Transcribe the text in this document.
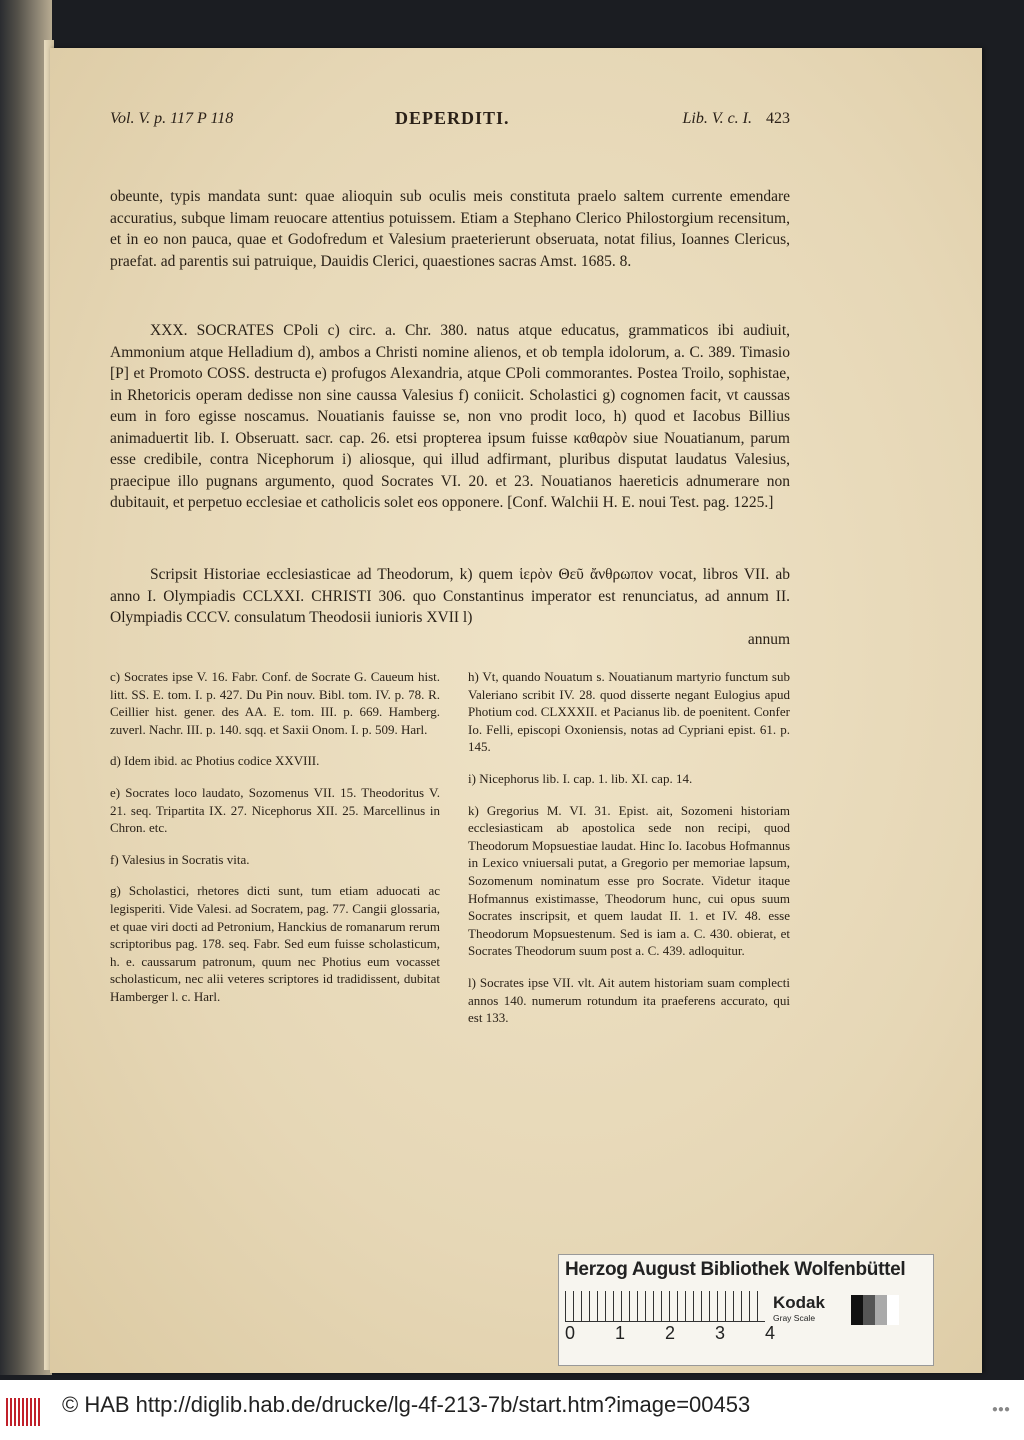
Vol. V. p. 117 P 118	DEPERDITI.	Lib. V. c. I. 423

obeunte, typis mandata sunt: quae alioquin sub oculis meis constituta praelo saltem currente emendare accuratius, subque limam reuocare attentius potuissem. Etiam a Stephano Clerico Philostorgium recensitum, et in eo non pauca, quae et Godofredum et Valesium praeterierunt obseruata, notat filius, Ioannes Clericus, praefat. ad parentis sui patruique, Dauidis Clerici, quaestiones sacras Amst. 1685. 8.

XXX. SOCRATES CPoli c) circ. a. Chr. 380. natus atque educatus, grammaticos ibi audiuit, Ammonium atque Helladium d), ambos a Christi nomine alienos, et ob templa idolorum, a. C. 389. Timasio [P] et Promoto COSS. destructa e) profugos Alexandria, atque CPoli commorantes. Postea Troilo, sophistae, in Rhetoricis operam dedisse non sine caussa Valesius f) coniicit. Scholastici g) cognomen facit, vt caussas eum in foro egisse noscamus. Nouatianis fauisse se, non vno prodit loco, h) quod et Iacobus Billius animaduertit lib. I. Obseruatt. sacr. cap. 26. etsi propterea ipsum fuisse καθαρὸν siue Nouatianum, parum esse credibile, contra Nicephorum i) aliosque, qui illud adfirmant, pluribus disputat laudatus Valesius, praecipue illo pugnans argumento, quod Socrates VI. 20. et 23. Nouatianos haereticis adnumerare non dubitauit, et perpetuo ecclesiae et catholicis solet eos opponere. [Conf. Walchii H. E. noui Test. pag. 1225.]

Scripsit Historiae ecclesiasticae ad Theodorum, k) quem ἱερὸν Θεῦ ἄνθρωπον vocat, libros VII. ab anno I. Olympiadis CCLXXI. CHRISTI 306. quo Constantinus imperator est renunciatus, ad annum II. Olympiadis CCCV. consulatum Theodosii iunioris XVII l)

annum

c) Socrates ipse V. 16. Fabr. Conf. de Socrate G. Caueum hist. litt. SS. E. tom. I. p. 427. Du Pin nouv. Bibl. tom. IV. p. 78. R. Ceillier hist. gener. des AA. E. tom. III. p. 669. Hamberg. zuverl. Nachr. III. p. 140. sqq. et Saxii Onom. I. p. 509. Harl.

d) Idem ibid. ac Photius codice XXVIII.

e) Socrates loco laudato, Sozomenus VII. 15. Theodoritus V. 21. seq. Tripartita IX. 27. Nicephorus XII. 25. Marcellinus in Chron. etc.

f) Valesius in Socratis vita.

g) Scholastici, rhetores dicti sunt, tum etiam aduocati ac legisperiti. Vide Valesi. ad Socratem, pag. 77. Cangii glossaria, et quae viri docti ad Petronium, Hanckius de romanarum rerum scriptoribus pag. 178. seq. Fabr. Sed eum fuisse scholasticum, h. e. caussarum patronum, quum nec Photius eum vocasset scholasticum, nec alii veteres scriptores id tradidissent, dubitat Hamberger l. c. Harl.

h) Vt, quando Nouatum s. Nouatianum martyrio functum sub Valeriano scribit IV. 28. quod disserte negant Eulogius apud Photium cod. CLXXXII. et Pacianus lib. de poenitent. Confer Io. Felli, episcopi Oxoniensis, notas ad Cypriani epist. 61. p. 145.

i) Nicephorus lib. I. cap. 1. lib. XI. cap. 14.

k) Gregorius M. VI. 31. Epist. ait, Sozomeni historiam ecclesiasticam ab apostolica sede non recipi, quod Theodorum Mopsuestiae laudat. Hinc Io. Iacobus Hofmannus in Lexico vniuersali putat, a Gregorio per memoriae lapsum, Sozomenum nominatum esse pro Socrate. Videtur itaque Hofmannus existimasse, Theodorum hunc, cui opus suum Socrates inscripsit, et quem laudat II. 1. et IV. 48. esse Theodorum Mopsuestenum. Sed is iam a. C. 430. obierat, et Socrates Theodorum suum post a. C. 439. adloquitur.

l) Socrates ipse VII. vlt. Ait autem historiam suam complecti annos 140. numerum rotundum ita praeferens accurato, qui est 133.

Herzog August Bibliothek Wolfenbüttel
0 1 2 3 4
Kodak
Gray Scale
© HAB http://diglib.hab.de/drucke/lg-4f-213-7b/start.htm?image=00453	●●●
